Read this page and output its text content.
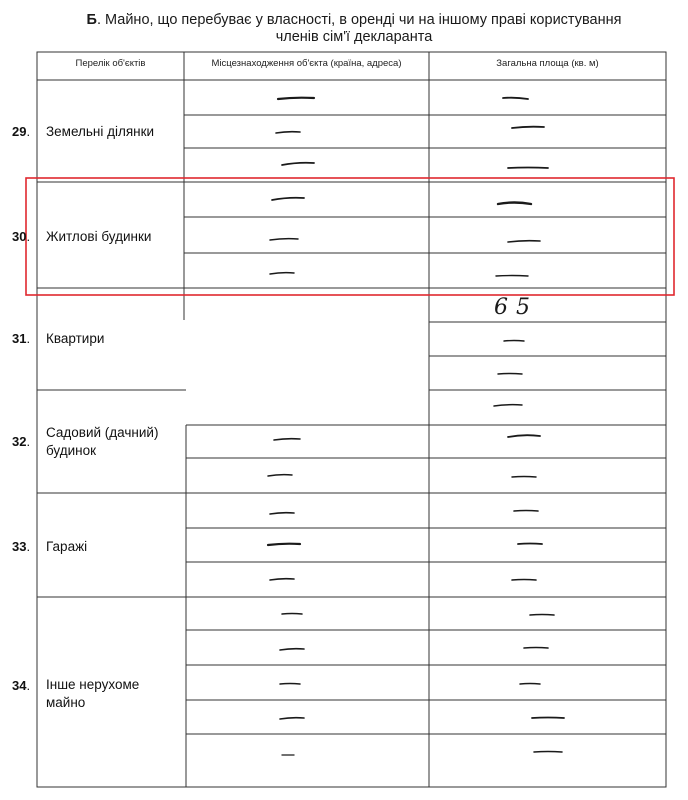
Б. Майно, що перебуває у власності, в оренді чи на іншому праві користування
членів сім'ї декларанта
Перелік об'єктів	Місцезнаходження об'єкта (країна, адреса)	Загальна площа (кв. м)
29.
30.
31.
32.
33.
34.
Земельні ділянки
Житлові будинки
Квартири
Садовий (дачний)
будинок
Гаражі
Інше нерухоме
майно
65
